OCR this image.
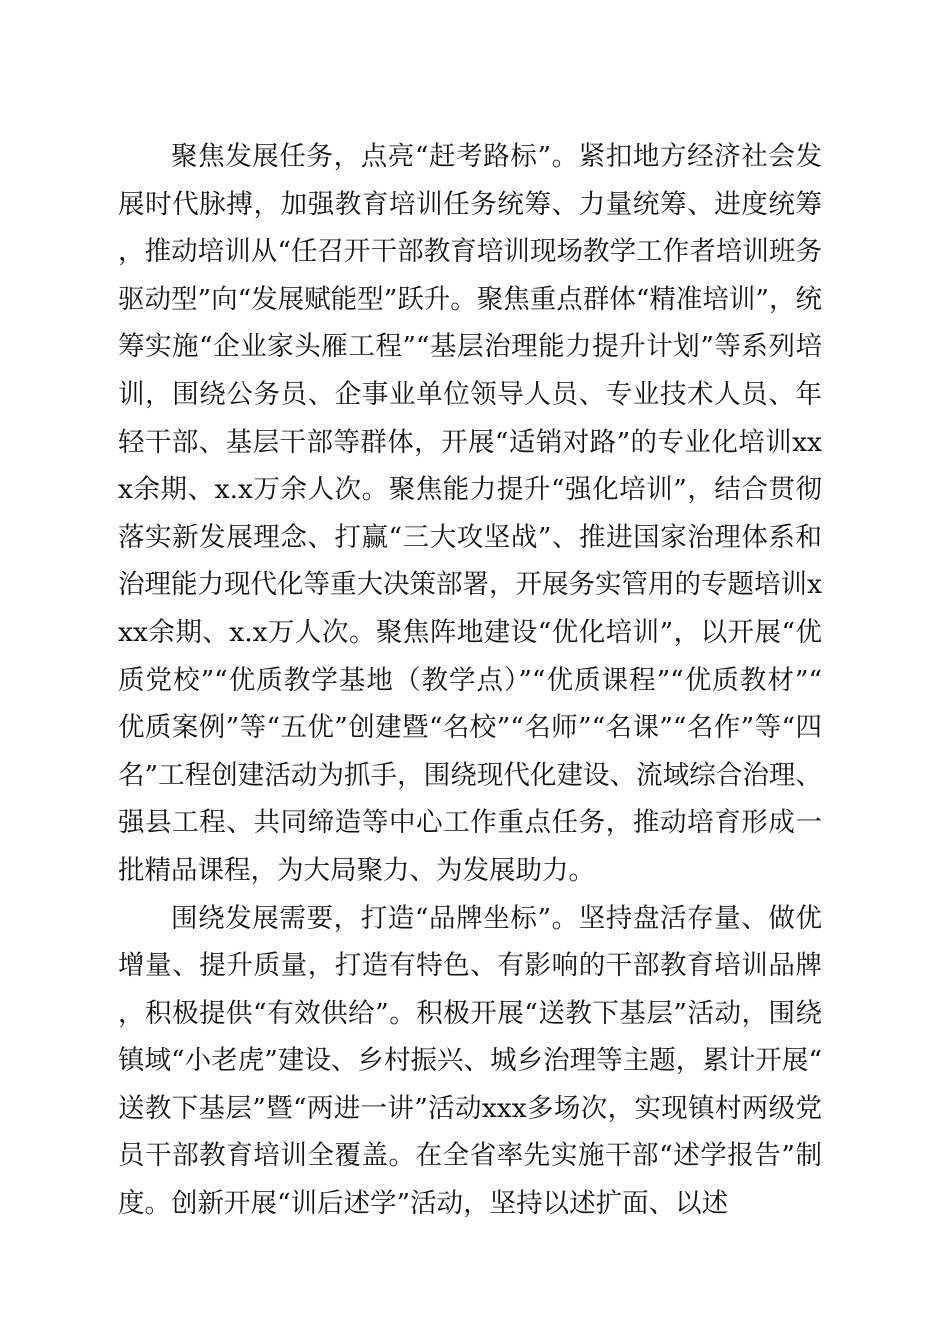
聚焦发展任务，点亮“赶考路标”。紧扣地方经济社会发展时代脉搏，加强教育培训任务统筹、力量统筹、进度统筹，推动培训从“任召开干部教育培训现场教学工作者培训班务驱动型”向“发展赋能型”跃升。聚焦重点群体“精准培训”，统筹实施“企业家头雁工程”“基层治理能力提升计划”等系列培训，围绕公务员、企事业单位领导人员、专业技术人员、年轻干部、基层干部等群体，开展“适销对路”的专业化培训xxx余期、x.x万余人次。聚焦能力提升“强化培训”，结合贯彻落实新发展理念、打赢“三大攻坚战”、推进国家治理体系和治理能力现代化等重大决策部署，开展务实管用的专题培训xxx余期、x.x万人次。聚焦阵地建设“优化培训”，以开展“优质党校”“优质教学基地（教学点）”“优质课程”“优质教材”“优质案例”等“五优”创建暨“名校”“名师”“名课”“名作”等“四名”工程创建活动为抓手，围绕现代化建设、流域综合治理、强县工程、共同缔造等中心工作重点任务，推动培育形成一批精品课程，为大局聚力、为发展助力。

围绕发展需要，打造“品牌坐标”。坚持盘活存量、做优增量、提升质量，打造有特色、有影响的干部教育培训品牌，积极提供“有效供给”。积极开展“送教下基层”活动，围绕镇域“小老虎”建设、乡村振兴、城乡治理等主题，累计开展“送教下基层”暨“两进一讲”活动xxx多场次，实现镇村两级党员干部教育培训全覆盖。在全省率先实施干部“述学报告”制度。创新开展“训后述学”活动，坚持以述扩面、以述
